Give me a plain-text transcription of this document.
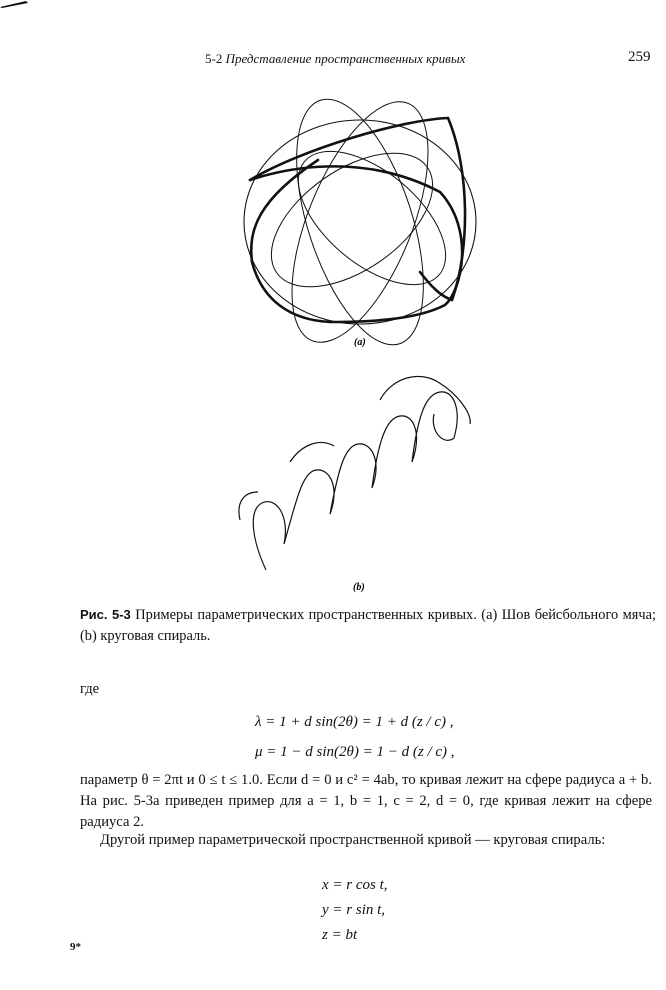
5-2 Представление пространственных кривых	259
(a)
(b)
Рис. 5-3 Примеры параметрических пространственных кривых. (a) Шов бейсбольного мяча; (b) круговая спираль.
где
λ = 1 + d sin(2θ) = 1 + d (z / c) ,
μ = 1 − d sin(2θ) = 1 − d (z / c) ,
параметр θ = 2πt и 0 ≤ t ≤ 1.0. Если d = 0 и c² = 4ab, то кривая лежит на сфере радиуса a + b. На рис. 5-3a приведен пример для a = 1, b = 1, c = 2, d = 0, где кривая лежит на сфере радиуса 2.
Другой пример параметрической пространственной кривой — круговая спираль:
x = r cos t,
y = r sin t,
z = bt
9*
